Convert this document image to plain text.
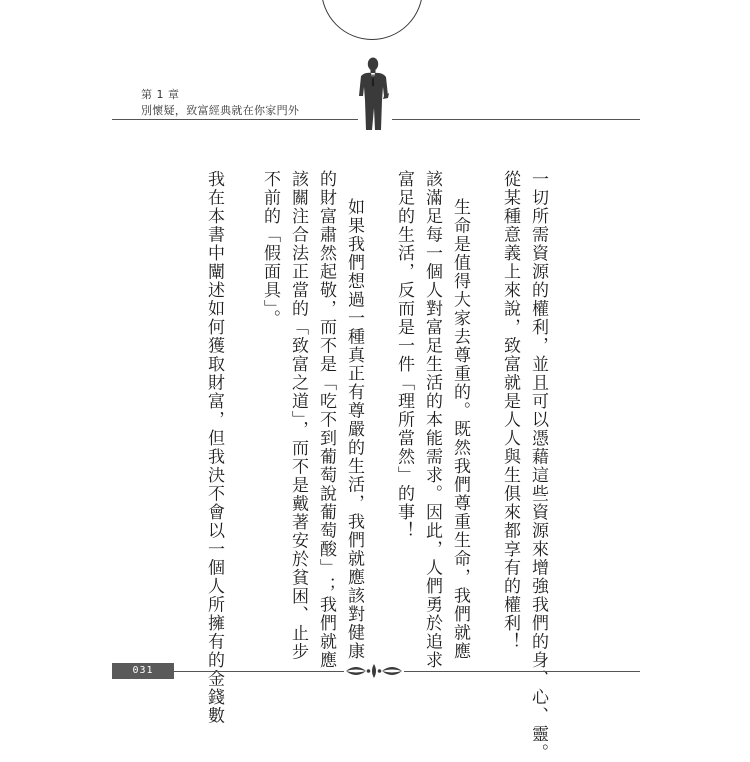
第 1 章
別懷疑，致富經典就在你家門外
一切所需資源的權利，並且可以憑藉這些資源來增強我們的身、心、靈。
從某種意義上來說，致富就是人人與生俱來都享有的權利！
生命是值得大家去尊重的。既然我們尊重生命，我們就應
該滿足每一個人對富足生活的本能需求。因此，人們勇於追求
富足的生活，反而是一件「理所當然」的事！
如果我們想過一種真正有尊嚴的生活，我們就應該對健康
的財富肅然起敬，而不是「吃不到葡萄說葡萄酸」；我們就應
該關注合法正當的「致富之道」，而不是戴著安於貧困、止步
不前的「假面具」。
我在本書中闡述如何獲取財富，但我決不會以一個人所擁有的金錢數
031
